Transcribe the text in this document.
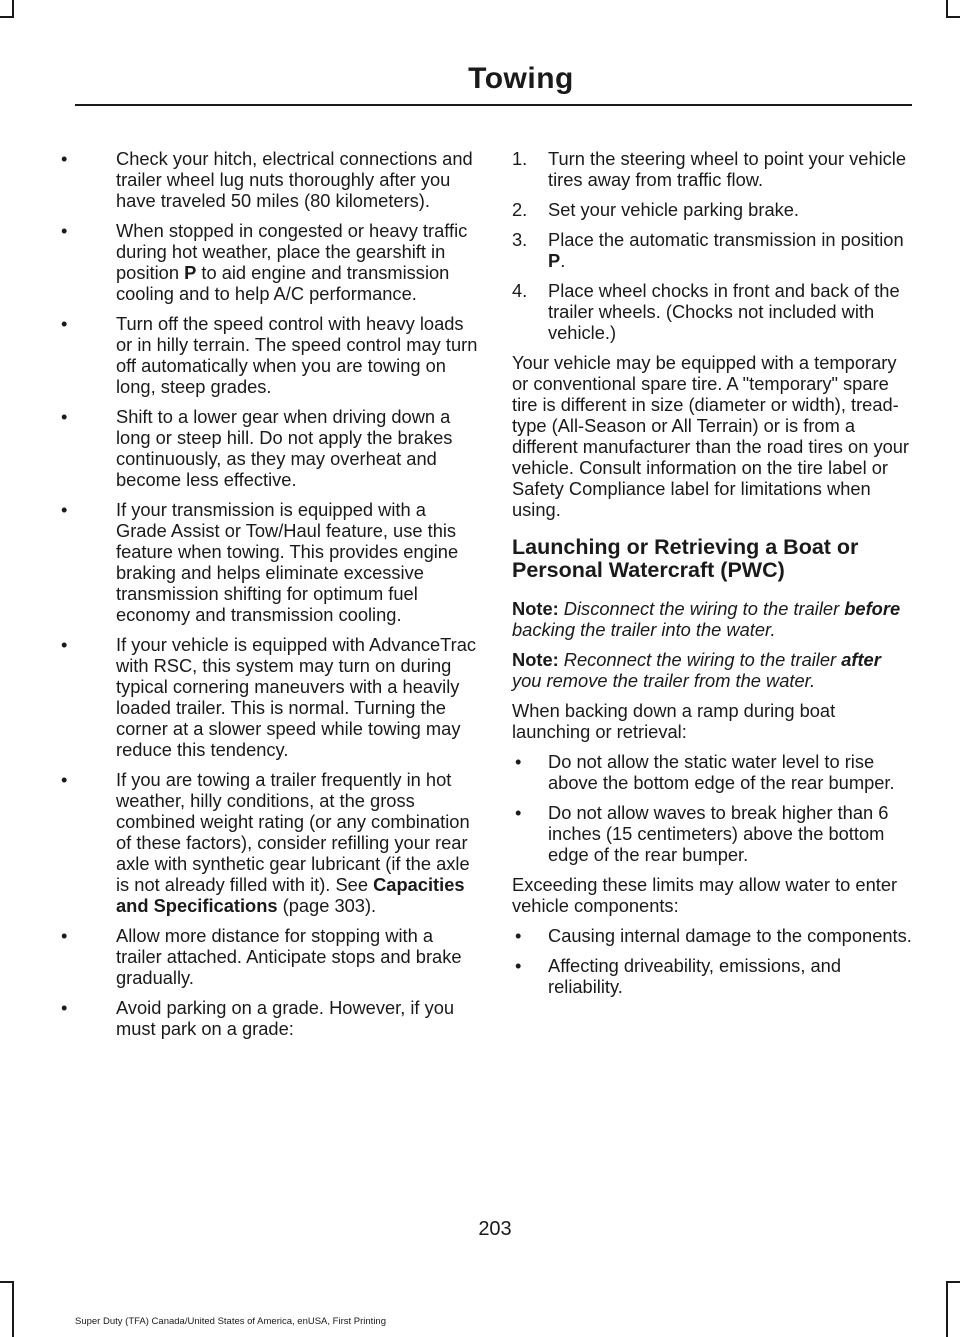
Towing
•	Check your hitch, electrical connections and trailer wheel lug nuts thoroughly after you have traveled 50 miles (80 kilometers).
•	When stopped in congested or heavy traffic during hot weather, place the gearshift in position P to aid engine and transmission cooling and to help A/C performance.
•	Turn off the speed control with heavy loads or in hilly terrain. The speed control may turn off automatically when you are towing on long, steep grades.
•	Shift to a lower gear when driving down a long or steep hill. Do not apply the brakes continuously, as they may overheat and become less effective.
•	If your transmission is equipped with a Grade Assist or Tow/Haul feature, use this feature when towing. This provides engine braking and helps eliminate excessive transmission shifting for optimum fuel economy and transmission cooling.
•	If your vehicle is equipped with AdvanceTrac with RSC, this system may turn on during typical cornering maneuvers with a heavily loaded trailer. This is normal. Turning the corner at a slower speed while towing may reduce this tendency.
•	If you are towing a trailer frequently in hot weather, hilly conditions, at the gross combined weight rating (or any combination of these factors), consider refilling your rear axle with synthetic gear lubricant (if the axle is not already filled with it). See Capacities and Specifications (page 303).
•	Allow more distance for stopping with a trailer attached. Anticipate stops and brake gradually.
•	Avoid parking on a grade. However, if you must park on a grade:
1. Turn the steering wheel to point your vehicle tires away from traffic flow.
2. Set your vehicle parking brake.
3. Place the automatic transmission in position P.
4. Place wheel chocks in front and back of the trailer wheels. (Chocks not included with vehicle.)

Your vehicle may be equipped with a temporary or conventional spare tire. A "temporary" spare tire is different in size (diameter or width), tread-type (All-Season or All Terrain) or is from a different manufacturer than the road tires on your vehicle. Consult information on the tire label or Safety Compliance label for limitations when using.

Launching or Retrieving a Boat or Personal Watercraft (PWC)

Note: Disconnect the wiring to the trailer before backing the trailer into the water.

Note: Reconnect the wiring to the trailer after you remove the trailer from the water.

When backing down a ramp during boat launching or retrieval:

•	Do not allow the static water level to rise above the bottom edge of the rear bumper.
•	Do not allow waves to break higher than 6 inches (15 centimeters) above the bottom edge of the rear bumper.

Exceeding these limits may allow water to enter vehicle components:

•	Causing internal damage to the components.
•	Affecting driveability, emissions, and reliability.
203
Super Duty (TFA) Canada/United States of America, enUSA, First Printing
